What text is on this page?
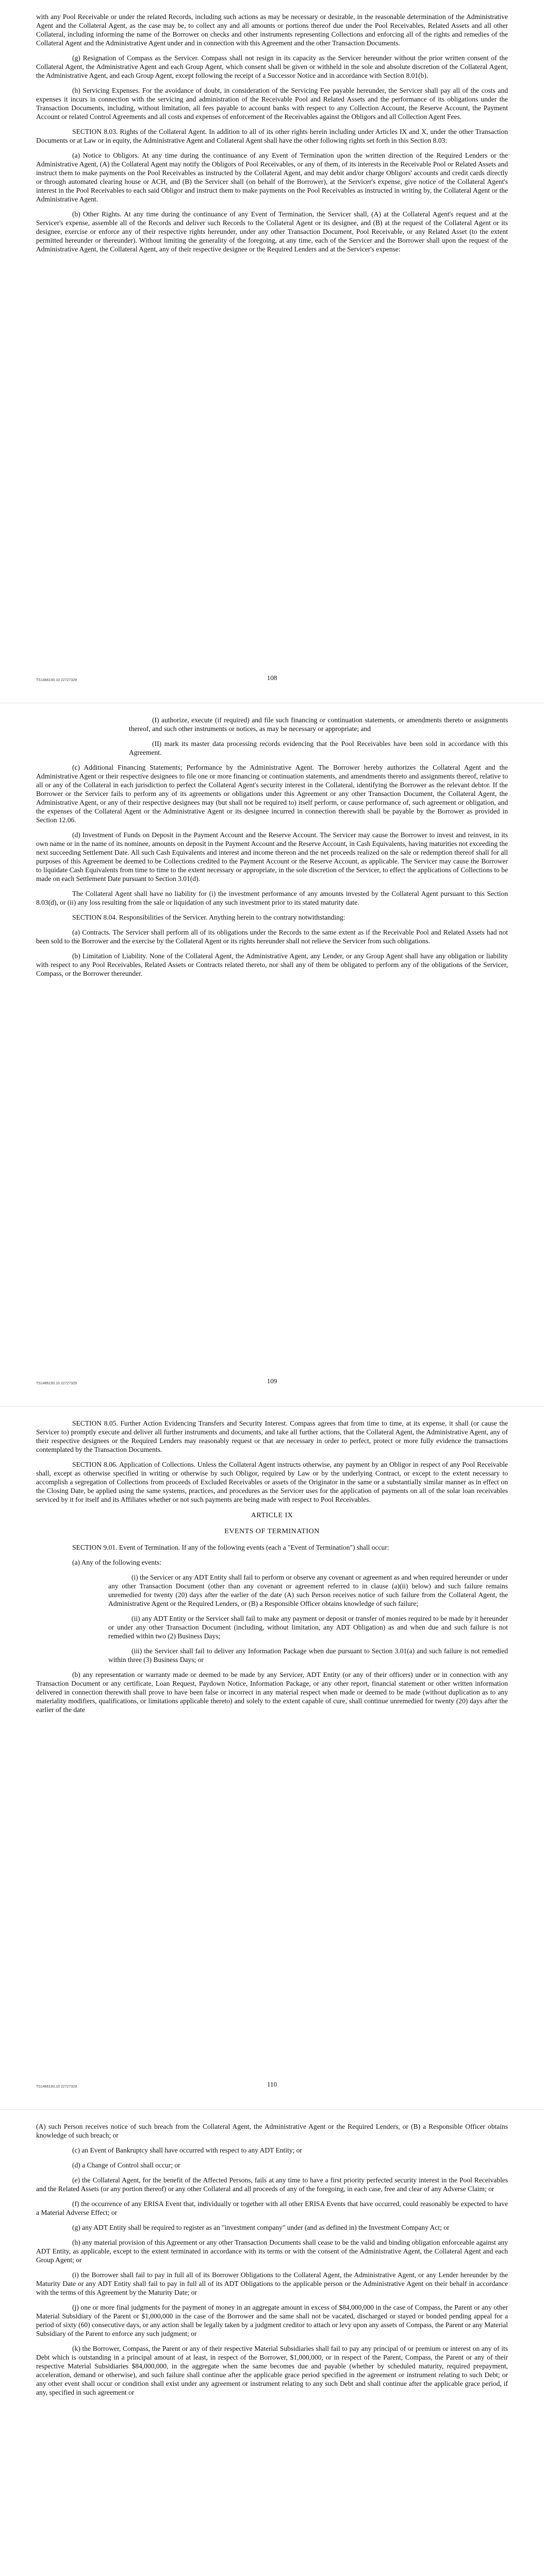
with any Pool Receivable or under the related Records, including such actions as may be necessary or desirable, in the reasonable determination of the Administrative Agent and the Collateral Agent, as the case may be, to collect any and all amounts or portions thereof due under the Pool Receivables, Related Assets and all other Collateral, including informing the name of the Borrower on checks and other instruments representing Collections and enforcing all of the rights and remedies of the Collateral Agent and the Administrative Agent under and in connection with this Agreement and the other Transaction Documents.

(g) Resignation of Compass as the Servicer. Compass shall not resign in its capacity as the Servicer hereunder without the prior written consent of the Collateral Agent, the Administrative Agent and each Group Agent, which consent shall be given or withheld in the sole and absolute discretion of the Collateral Agent, the Administrative Agent, and each Group Agent, except following the receipt of a Successor Notice and in accordance with Section 8.01(b).

(h) Servicing Expenses. For the avoidance of doubt, in consideration of the Servicing Fee payable hereunder, the Servicer shall pay all of the costs and expenses it incurs in connection with the servicing and administration of the Receivable Pool and Related Assets and the performance of its obligations under the Transaction Documents, including, without limitation, all fees payable to account banks with respect to any Collection Account, the Reserve Account, the Payment Account or related Control Agreements and all costs and expenses of enforcement of the Receivables against the Obligors and all Collection Agent Fees.

SECTION 8.03. Rights of the Collateral Agent. In addition to all of its other rights herein including under Articles IX and X, under the other Transaction Documents or at Law or in equity, the Administrative Agent and Collateral Agent shall have the other following rights set forth in this Section 8.03:

(a) Notice to Obligors. At any time during the continuance of any Event of Termination upon the written direction of the Required Lenders or the Administrative Agent, (A) the Collateral Agent may notify the Obligors of Pool Receivables, or any of them, of its interests in the Receivable Pool or Related Assets and instruct them to make payments on the Pool Receivables as instructed by the Collateral Agent, and may debit and/or charge Obligors' accounts and credit cards directly or through automated clearing house or ACH, and (B) the Servicer shall (on behalf of the Borrower), at the Servicer's expense, give notice of the Collateral Agent's interest in the Pool Receivables to each said Obligor and instruct them to make payments on the Pool Receivables as instructed in writing by, the Collateral Agent or the Administrative Agent.

(b) Other Rights. At any time during the continuance of any Event of Termination, the Servicer shall, (A) at the Collateral Agent's request and at the Servicer's expense, assemble all of the Records and deliver such Records to the Collateral Agent or its designee, and (B) at the request of the Collateral Agent or its designee, exercise or enforce any of their respective rights hereunder, under any other Transaction Document, Pool Receivable, or any Related Asset (to the extent permitted hereunder or thereunder). Without limiting the generality of the foregoing, at any time, each of the Servicer and the Borrower shall upon the request of the Administrative Agent, the Collateral Agent, any of their respective designee or the Required Lenders and at the Servicer's expense:

TS1486193.10 22727329	108

(I) authorize, execute (if required) and file such financing or continuation statements, or amendments thereto or assignments thereof, and such other instruments or notices, as may be necessary or appropriate; and

(II) mark its master data processing records evidencing that the Pool Receivables have been sold in accordance with this Agreement.

(c) Additional Financing Statements; Performance by the Administrative Agent. The Borrower hereby authorizes the Collateral Agent and the Administrative Agent or their respective designees to file one or more financing or continuation statements, and amendments thereto and assignments thereof, relative to all or any of the Collateral in each jurisdiction to perfect the Collateral Agent's security interest in the Collateral, identifying the Borrower as the relevant debtor. If the Borrower or the Servicer fails to perform any of its agreements or obligations under this Agreement or any other Transaction Document, the Collateral Agent, the Administrative Agent, or any of their respective designees may (but shall not be required to) itself perform, or cause performance of, such agreement or obligation, and the expenses of the Collateral Agent or the Administrative Agent or its designee incurred in connection therewith shall be payable by the Borrower as provided in Section 12.06.

(d) Investment of Funds on Deposit in the Payment Account and the Reserve Account. The Servicer may cause the Borrower to invest and reinvest, in its own name or in the name of its nominee, amounts on deposit in the Payment Account and the Reserve Account, in Cash Equivalents, having maturities not exceeding the next succeeding Settlement Date. All such Cash Equivalents and interest and income thereon and the net proceeds realized on the sale or redemption thereof shall for all purposes of this Agreement be deemed to be Collections credited to the Payment Account or the Reserve Account, as applicable. The Servicer may cause the Borrower to liquidate Cash Equivalents from time to time to the extent necessary or appropriate, in the sole discretion of the Servicer, to effect the applications of Collections to be made on each Settlement Date pursuant to Section 3.01(d).

The Collateral Agent shall have no liability for (i) the investment performance of any amounts invested by the Collateral Agent pursuant to this Section 8.03(d), or (ii) any loss resulting from the sale or liquidation of any such investment prior to its stated maturity date.

SECTION 8.04. Responsibilities of the Servicer. Anything herein to the contrary notwithstanding:

(a) Contracts. The Servicer shall perform all of its obligations under the Records to the same extent as if the Receivable Pool and Related Assets had not been sold to the Borrower and the exercise by the Collateral Agent or its rights hereunder shall not relieve the Servicer from such obligations.

(b) Limitation of Liability. None of the Collateral Agent, the Administrative Agent, any Lender, or any Group Agent shall have any obligation or liability with respect to any Pool Receivables, Related Assets or Contracts related thereto, nor shall any of them be obligated to perform any of the obligations of the Servicer, Compass, or the Borrower thereunder.

TS1486193.10 22727329	109

SECTION 8.05. Further Action Evidencing Transfers and Security Interest. Compass agrees that from time to time, at its expense, it shall (or cause the Servicer to) promptly execute and deliver all further instruments and documents, and take all further actions, that the Collateral Agent, the Administrative Agent, any of their respective designees or the Required Lenders may reasonably request or that are necessary in order to perfect, protect or more fully evidence the transactions contemplated by the Transaction Documents.

SECTION 8.06. Application of Collections. Unless the Collateral Agent instructs otherwise, any payment by an Obligor in respect of any Pool Receivable shall, except as otherwise specified in writing or otherwise by such Obligor, required by Law or by the underlying Contract, or except to the extent necessary to accomplish a segregation of Collections from proceeds of Excluded Receivables or assets of the Originator in the same or a substantially similar manner as in effect on the Closing Date, be applied using the same systems, practices, and procedures as the Servicer uses for the application of payments on all of the solar loan receivables serviced by it for itself and its Affiliates whether or not such payments are being made with respect to Pool Receivables.

ARTICLE IX

EVENTS OF TERMINATION

SECTION 9.01. Event of Termination. If any of the following events (each a "Event of Termination") shall occur:

(a) Any of the following events:

(i) the Servicer or any ADT Entity shall fail to perform or observe any covenant or agreement as and when required hereunder or under any other Transaction Document (other than any covenant or agreement referred to in clause (a)(ii) below) and such failure remains unremedied for twenty (20) days after the earlier of the date (A) such Person receives notice of such failure from the Collateral Agent, the Administrative Agent or the Required Lenders, or (B) a Responsible Officer obtains knowledge of such failure;

(ii) any ADT Entity or the Servicer shall fail to make any payment or deposit or transfer of monies required to be made by it hereunder or under any other Transaction Document (including, without limitation, any ADT Obligation) as and when due and such failure is not remedied within two (2) Business Days;

(iii) the Servicer shall fail to deliver any Information Package when due pursuant to Section 3.01(a) and such failure is not remedied within three (3) Business Days; or

(b) any representation or warranty made or deemed to be made by any Servicer, ADT Entity (or any of their officers) under or in connection with any Transaction Document or any certificate, Loan Request, Paydown Notice, Information Package, or any other report, financial statement or other written information delivered in connection therewith shall prove to have been false or incorrect in any material respect when made or deemed to be made (without duplication as to any materiality modifiers, qualifications, or limitations applicable thereto) and solely to the extent capable of cure, shall continue unremedied for twenty (20) days after the earlier of the date

TS1486193.10 22727329	110

(A) such Person receives notice of such breach from the Collateral Agent, the Administrative Agent or the Required Lenders, or (B) a Responsible Officer obtains knowledge of such breach; or

(c) an Event of Bankruptcy shall have occurred with respect to any ADT Entity; or

(d) a Change of Control shall occur; or

(e) the Collateral Agent, for the benefit of the Affected Persons, fails at any time to have a first priority perfected security interest in the Pool Receivables and the Related Assets (or any portion thereof) or any other Collateral and all proceeds of any of the foregoing, in each case, free and clear of any Adverse Claim; or

(f) the occurrence of any ERISA Event that, individually or together with all other ERISA Events that have occurred, could reasonably be expected to have a Material Adverse Effect; or

(g) any ADT Entity shall be required to register as an "investment company" under (and as defined in) the Investment Company Act; or

(h) any material provision of this Agreement or any other Transaction Documents shall cease to be the valid and binding obligation enforceable against any ADT Entity, as applicable, except to the extent terminated in accordance with its terms or with the consent of the Administrative Agent, the Collateral Agent and each Group Agent; or

(i) the Borrower shall fail to pay in full all of its Borrower Obligations to the Collateral Agent, the Administrative Agent, or any Lender hereunder by the Maturity Date or any ADT Entity shall fail to pay in full all of its ADT Obligations to the applicable person or the Administrative Agent on their behalf in accordance with the terms of this Agreement by the Maturity Date; or

(j) one or more final judgments for the payment of money in an aggregate amount in excess of $84,000,000 in the case of Compass, the Parent or any other Material Subsidiary of the Parent or $1,000,000 in the case of the Borrower and the same shall not be vacated, discharged or stayed or bonded pending appeal for a period of sixty (60) consecutive days, or any action shall be legally taken by a judgment creditor to attach or levy upon any assets of Compass, the Parent or any Material Subsidiary of the Parent to enforce any such judgment; or

(k) the Borrower, Compass, the Parent or any of their respective Material Subsidiaries shall fail to pay any principal of or premium or interest on any of its Debt which is outstanding in a principal amount of at least, in respect of the Borrower, $1,000,000, or in respect of the Parent, Compass, the Parent or any of their respective Material Subsidiaries $84,000,000, in the aggregate when the same becomes due and payable (whether by scheduled maturity, required prepayment, acceleration, demand or otherwise), and such failure shall continue after the applicable grace period specified in the agreement or instrument relating to such Debt; or any other event shall occur or condition shall exist under any agreement or instrument relating to any such Debt and shall continue after the applicable grace period, if any, specified in such agreement or
